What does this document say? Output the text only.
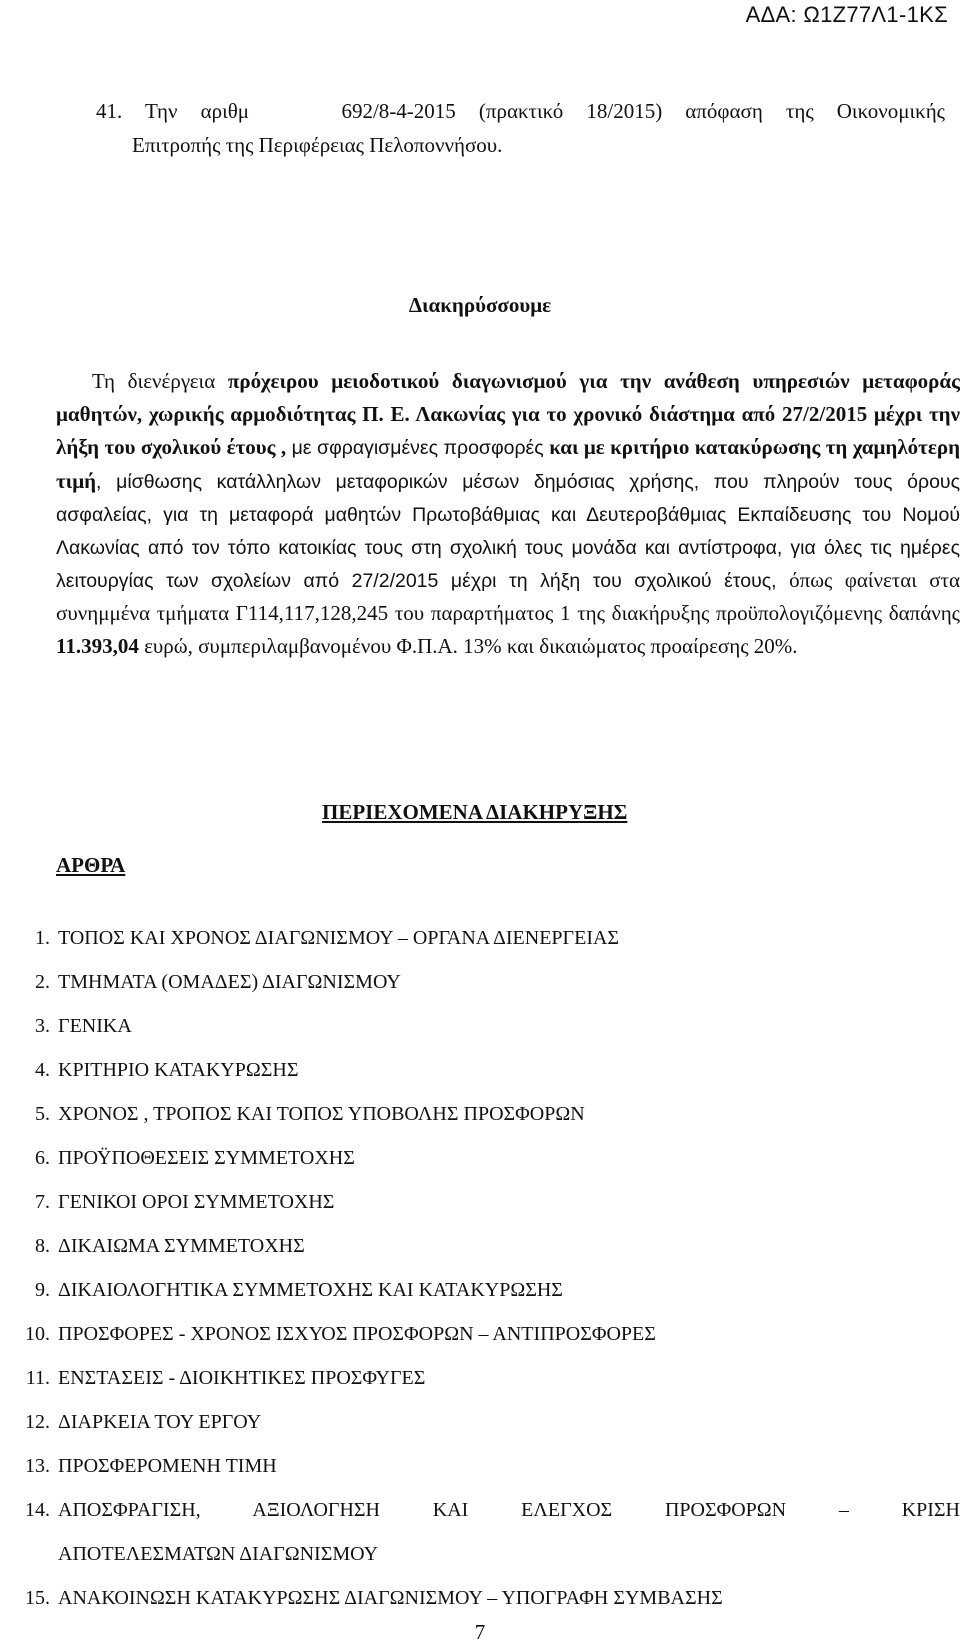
ΑΔΑ: Ω1Ζ77Λ1-1ΚΣ
41. Την αριθμ    692/8-4-2015 (πρακτικό 18/2015) απόφαση της Οικονομικής
Επιτροπής της Περιφέρειας Πελοποννήσου.
Διακηρύσσουμε
Τη διενέργεια πρόχειρου μειοδοτικού διαγωνισμού για την ανάθεση υπηρεσιών μεταφοράς μαθητών, χωρικής αρμοδιότητας Π. Ε. Λακωνίας για το χρονικό διάστημα από 27/2/2015 μέχρι την λήξη του σχολικού έτους , με σφραγισμένες προσφορές και με κριτήριο κατακύρωσης τη χαμηλότερη τιμή, μίσθωσης κατάλληλων μεταφορικών μέσων δημόσιας χρήσης, που πληρούν τους όρους ασφαλείας, για τη μεταφορά μαθητών Πρωτοβάθμιας και Δευτεροβάθμιας Εκπαίδευσης του Νομού Λακωνίας από τον τόπο κατοικίας τους στη σχολική τους μονάδα και αντίστροφα, για όλες τις ημέρες λειτουργίας των σχολείων από 27/2/2015 μέχρι τη λήξη του σχολικού έτους, όπως φαίνεται στα συνημμένα τμήματα Γ114,117,128,245 του παραρτήματος 1 της διακήρυξης προϋπολογιζόμενης δαπάνης 11.393,04 ευρώ, συμπεριλαμβανομένου Φ.Π.Α. 13% και δικαιώματος προαίρεσης 20%.
ΠΕΡΙΕΧΟΜΕΝΑ ΔΙΑΚΗΡΥΞΗΣ
ΑΡΘΡΑ
1. ΤΟΠΟΣ ΚΑΙ ΧΡΟΝΟΣ ΔΙΑΓΩΝΙΣΜΟΥ – ΟΡΓΑΝΑ ΔΙΕΝΕΡΓΕΙΑΣ
2. ΤΜΗΜΑΤΑ (ΟΜΑΔΕΣ) ΔΙΑΓΩΝΙΣΜΟΥ
3. ΓΕΝΙΚΑ
4. ΚΡΙΤΗΡΙΟ ΚΑΤΑΚΥΡΩΣΗΣ
5. ΧΡΟΝΟΣ , ΤΡΟΠΟΣ ΚΑΙ ΤΟΠΟΣ ΥΠΟΒΟΛΗΣ ΠΡΟΣΦΟΡΩΝ
6. ΠΡΟΫΠΟΘΕΣΕΙΣ ΣΥΜΜΕΤΟΧΗΣ
7. ΓΕΝΙΚΟΙ ΟΡΟΙ ΣΥΜΜΕΤΟΧΗΣ
8. ΔΙΚΑΙΩΜΑ ΣΥΜΜΕΤΟΧΗΣ
9. ΔΙΚΑΙΟΛΟΓΗΤΙΚΑ ΣΥΜΜΕΤΟΧΗΣ ΚΑΙ ΚΑΤΑΚΥΡΩΣΗΣ
10. ΠΡΟΣΦΟΡΕΣ - ΧΡΟΝΟΣ ΙΣΧΥΟΣ ΠΡΟΣΦΟΡΩΝ – ΑΝΤΙΠΡΟΣΦΟΡΕΣ
11. ΕΝΣΤΑΣΕΙΣ - ΔΙΟΙΚΗΤΙΚΕΣ ΠΡΟΣΦΥΓΕΣ
12. ΔΙΑΡΚΕΙΑ ΤΟΥ ΕΡΓΟΥ
13. ΠΡΟΣΦΕΡΟΜΕΝΗ ΤΙΜΗ
14. ΑΠΟΣΦΡΑΓΙΣΗ, ΑΞΙΟΛΟΓΗΣΗ ΚΑΙ ΕΛΕΓΧΟΣ ΠΡΟΣΦΟΡΩΝ – ΚΡΙΣΗ
ΑΠΟΤΕΛΕΣΜΑΤΩΝ ΔΙΑΓΩΝΙΣΜΟΥ
15. ΑΝΑΚΟΙΝΩΣΗ ΚΑΤΑΚΥΡΩΣΗΣ ΔΙΑΓΩΝΙΣΜΟΥ – ΥΠΟΓΡΑΦΗ ΣΥΜΒΑΣΗΣ
7
